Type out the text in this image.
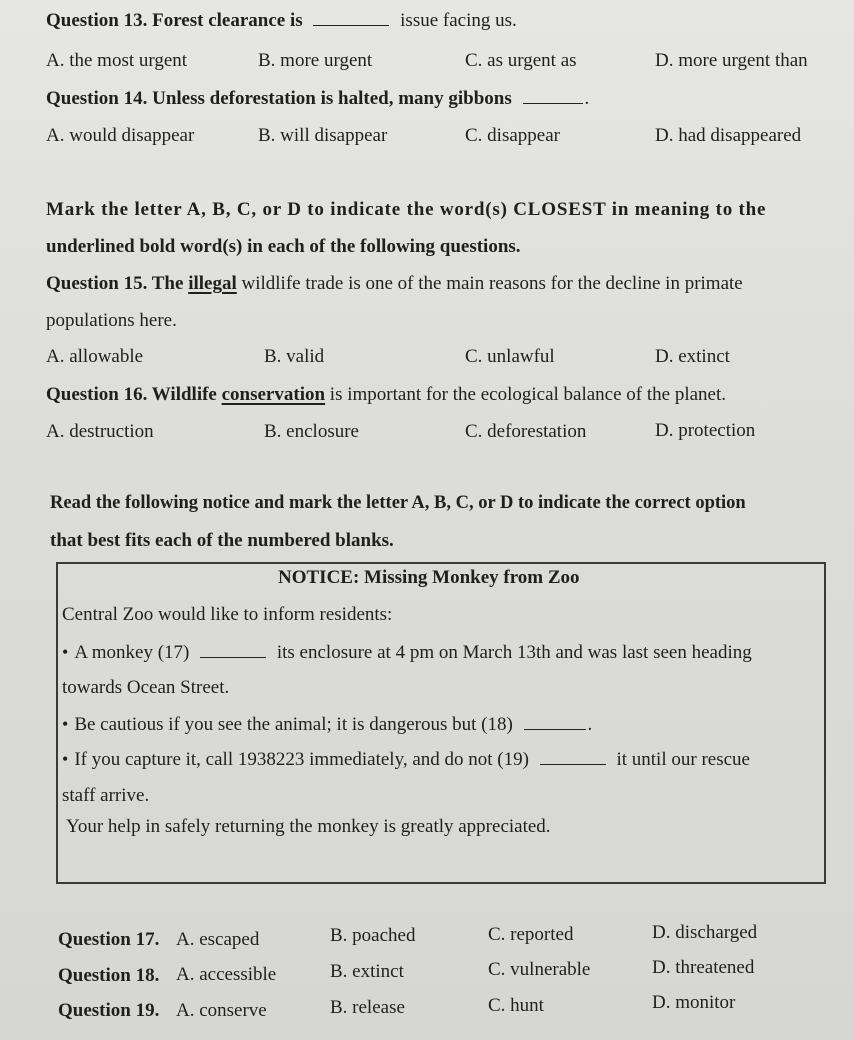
Question 13. Forest clearance is	issue facing us.
A. the most urgent	B. more urgent	C. as urgent as	D. more urgent than
Question 14. Unless deforestation is halted, many gibbons	.
A. would disappear	B. will disappear	C. disappear	D. had disappeared
Mark the letter A, B, C, or D to indicate the word(s) CLOSEST in meaning to the
underlined bold word(s) in each of the following questions.
Question 15. The illegal wildlife trade is one of the main reasons for the decline in primate
populations here.
A. allowable	B. valid	C. unlawful	D. extinct
Question 16. Wildlife conservation is important for the ecological balance of the planet.
A. destruction	B. enclosure	C. deforestation	D. protection
Read the following notice and mark the letter A, B, C, or D to indicate the correct option
that best fits each of the numbered blanks.
NOTICE: Missing Monkey from Zoo
Central Zoo would like to inform residents:
• A monkey (17)	its enclosure at 4 pm on March 13th and was last seen heading
towards Ocean Street.
• Be cautious if you see the animal; it is dangerous but (18)	.
• If you capture it, call 1938223 immediately, and do not (19)	it until our rescue
staff arrive.
Your help in safely returning the monkey is greatly appreciated.
Question 17. A. escaped	B. poached	C. reported	D. discharged
Question 18. A. accessible	B. extinct	C. vulnerable	D. threatened
Question 19. A. conserve	B. release	C. hunt	D. monitor
